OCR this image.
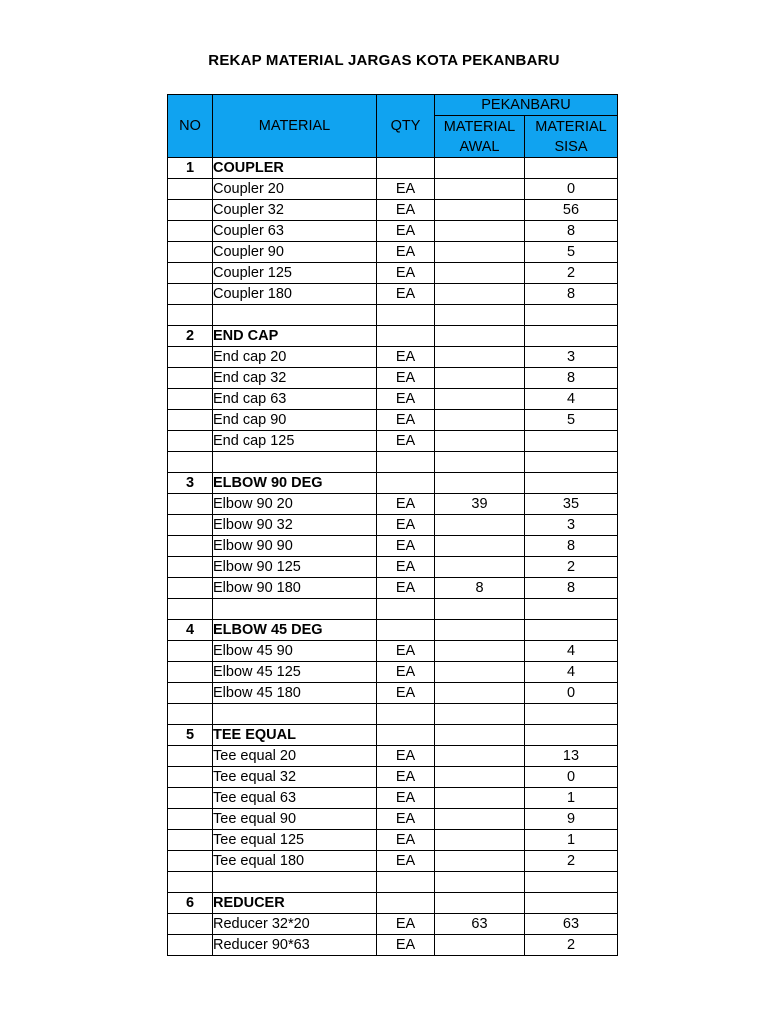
REKAP MATERIAL JARGAS KOTA PEKANBARU
NO	MATERIAL	QTY	PEKANBARU	
			MATERIAL AWAL	MATERIAL SISA
1	COUPLER			
	Coupler 20	EA		0
	Coupler 32	EA		56
	Coupler 63	EA		8
	Coupler 90	EA		5
	Coupler 125	EA		2
	Coupler 180	EA		8

2	END CAP			
	End cap 20	EA		3
	End cap 32	EA		8
	End cap 63	EA		4
	End cap 90	EA		5
	End cap 125	EA		

3	ELBOW 90 DEG			
	Elbow 90 20	EA	39	35
	Elbow 90 32	EA		3
	Elbow 90 90	EA		8
	Elbow 90 125	EA		2
	Elbow 90 180	EA	8	8

4	ELBOW 45 DEG			
	Elbow 45 90	EA		4
	Elbow 45 125	EA		4
	Elbow 45 180	EA		0

5	TEE EQUAL			
	Tee equal 20	EA		13
	Tee equal 32	EA		0
	Tee equal 63	EA		1
	Tee equal 90	EA		9
	Tee equal 125	EA		1
	Tee equal 180	EA		2

6	REDUCER			
	Reducer 32*20	EA	63	63
	Reducer 90*63	EA		2
